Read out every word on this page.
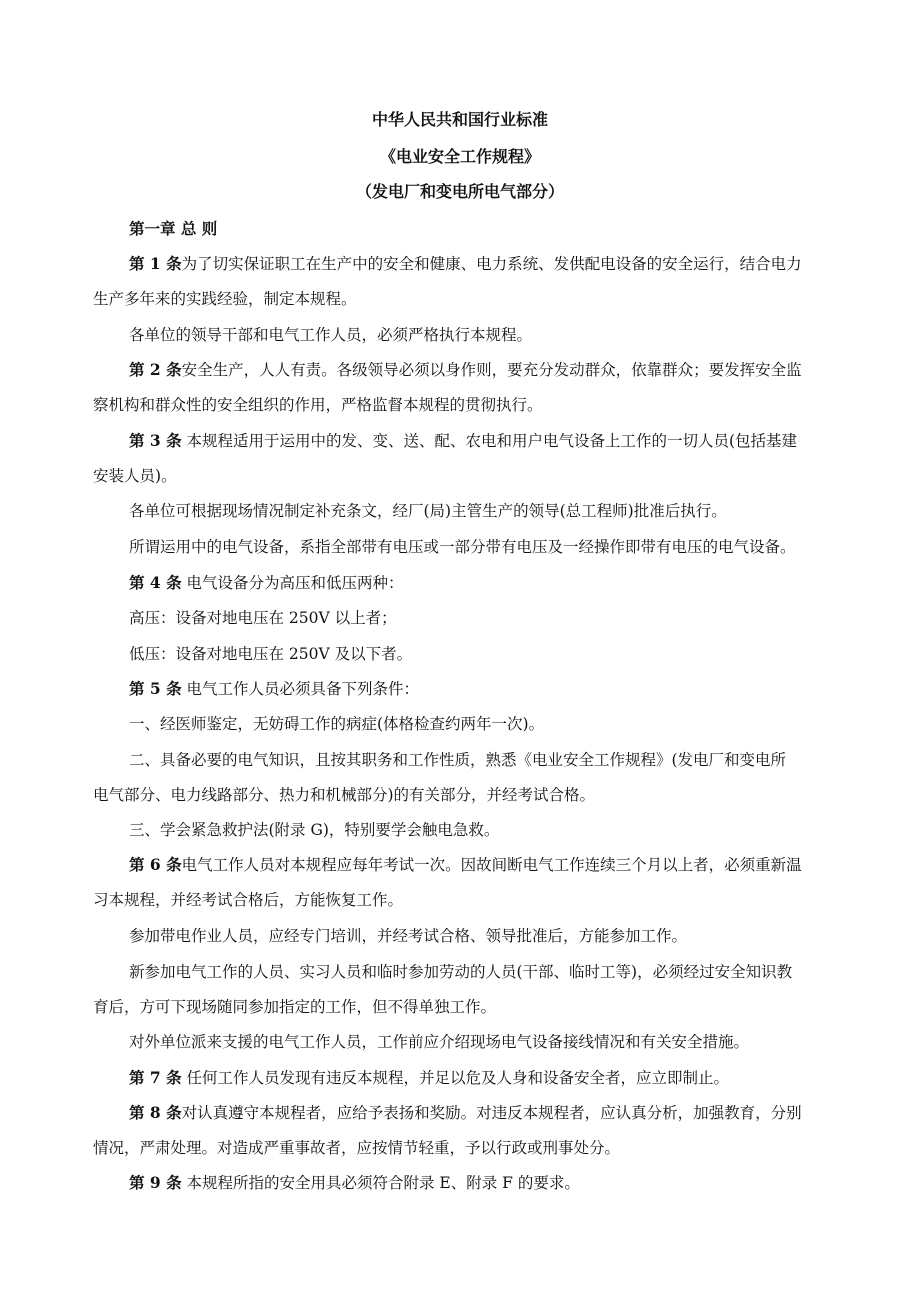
中华人民共和国行业标准
《电业安全工作规程》
（发电厂和变电所电气部分）
第一章 总 则
第 1 条为了切实保证职工在生产中的安全和健康、电力系统、发供配电设备的安全运行，结合电力
生产多年来的实践经验，制定本规程。
各单位的领导干部和电气工作人员，必须严格执行本规程。
第 2 条安全生产，人人有责。各级领导必须以身作则，要充分发动群众，依靠群众；要发挥安全监
察机构和群众性的安全组织的作用，严格监督本规程的贯彻执行。
第 3 条 本规程适用于运用中的发、变、送、配、农电和用户电气设备上工作的一切人员(包括基建
安装人员)。
各单位可根据现场情况制定补充条文，经厂(局)主管生产的领导(总工程师)批准后执行。
所谓运用中的电气设备，系指全部带有电压或一部分带有电压及一经操作即带有电压的电气设备。
第 4 条 电气设备分为高压和低压两种：
高压：设备对地电压在 250V 以上者；
低压：设备对地电压在 250V 及以下者。
第 5 条 电气工作人员必须具备下列条件：
一、经医师鉴定，无妨碍工作的病症(体格检查约两年一次)。
二、具备必要的电气知识，且按其职务和工作性质，熟悉《电业安全工作规程》(发电厂和变电所
电气部分、电力线路部分、热力和机械部分)的有关部分，并经考试合格。
三、学会紧急救护法(附录 G)，特别要学会触电急救。
第 6 条电气工作人员对本规程应每年考试一次。因故间断电气工作连续三个月以上者，必须重新温
习本规程，并经考试合格后，方能恢复工作。
参加带电作业人员，应经专门培训，并经考试合格、领导批准后，方能参加工作。
新参加电气工作的人员、实习人员和临时参加劳动的人员(干部、临时工等)，必须经过安全知识教
育后，方可下现场随同参加指定的工作，但不得单独工作。
对外单位派来支援的电气工作人员，工作前应介绍现场电气设备接线情况和有关安全措施。
第 7 条 任何工作人员发现有违反本规程，并足以危及人身和设备安全者，应立即制止。
第 8 条对认真遵守本规程者，应给予表扬和奖励。对违反本规程者，应认真分析，加强教育，分别
情况，严肃处理。对造成严重事故者，应按情节轻重，予以行政或刑事处分。
第 9 条 本规程所指的安全用具必须符合附录 E、附录 F 的要求。
